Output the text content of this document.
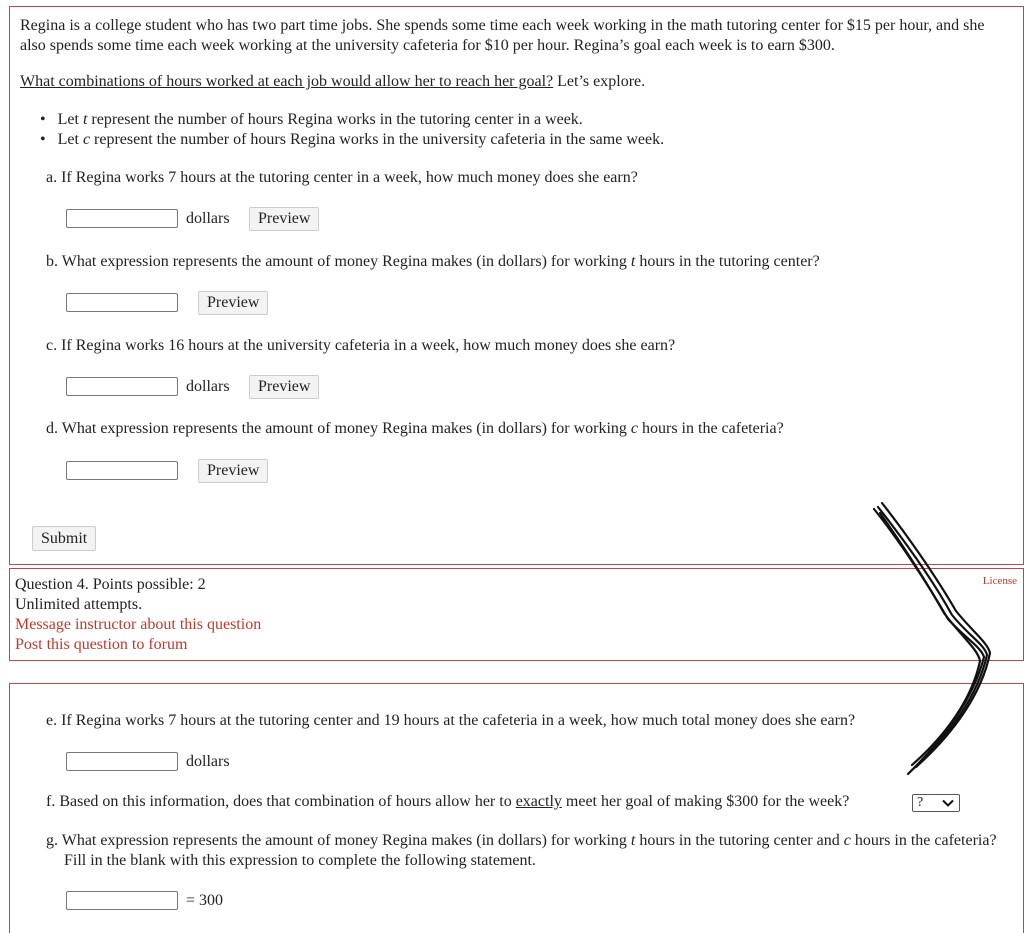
Regina is a college student who has two part time jobs. She spends some time each week working in the math tutoring center for $15 per hour, and she also spends some time each week working at the university cafeteria for $10 per hour. Regina’s goal each week is to earn $300.
What combinations of hours worked at each job would allow her to reach her goal? Let’s explore.
•   Let t represent the number of hours Regina works in the tutoring center in a week.
•   Let c represent the number of hours Regina works in the university cafeteria in the same week.
a. If Regina works 7 hours at the tutoring center in a week, how much money does she earn?
dollars	Preview
b. What expression represents the amount of money Regina makes (in dollars) for working t hours in the tutoring center?
Preview
c. If Regina works 16 hours at the university cafeteria in a week, how much money does she earn?
dollars	Preview
d. What expression represents the amount of money Regina makes (in dollars) for working c hours in the cafeteria?
Preview
Submit
Question 4. Points possible: 2
Unlimited attempts.
Message instructor about this question
Post this question to forum
License
e. If Regina works 7 hours at the tutoring center and 19 hours at the cafeteria in a week, how much total money does she earn?
dollars
f. Based on this information, does that combination of hours allow her to exactly meet her goal of making $300 for the week?	?
g. What expression represents the amount of money Regina makes (in dollars) for working t hours in the tutoring center and c hours in the cafeteria? Fill in the blank with this expression to complete the following statement.
= 300
